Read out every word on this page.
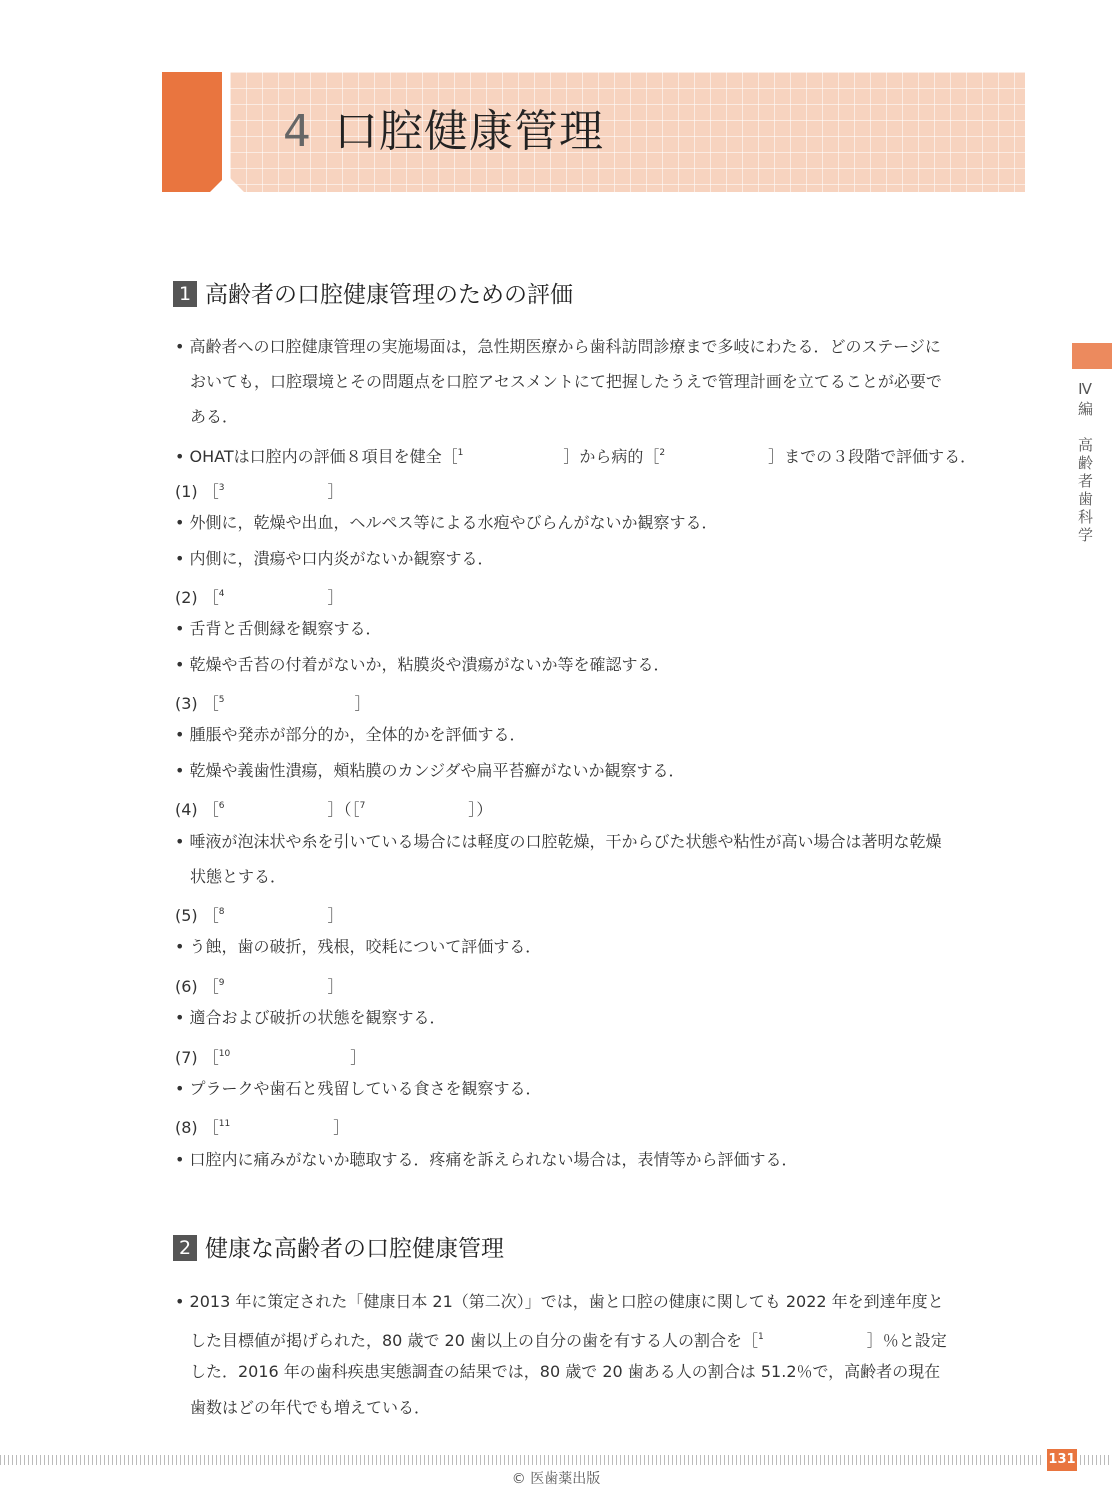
4 口腔健康管理
Ⅳ編高齢者歯科学
1 高齢者の口腔健康管理のための評価
• 高齢者への口腔健康管理の実施場面は，急性期医療から歯科訪問診療まで多岐にわたる．どのステージに
おいても，口腔環境とその問題点を口腔アセスメントにて把握したうえで管理計画を立てることが必要で
ある．
• OHATは口腔内の評価８項目を健全［$^1$	］から病的［$^2$	］までの３段階で評価する．
(1) ［$^3$	］
• 外側に，乾燥や出血，ヘルペス等による水疱やびらんがないか観察する．
• 内側に，潰瘍や口内炎がないか観察する．
(2) ［$^4$	］
• 舌背と舌側縁を観察する．
• 乾燥や舌苔の付着がないか，粘膜炎や潰瘍がないか等を確認する．
(3) ［$^5$	］
• 腫脹や発赤が部分的か，全体的かを評価する．
• 乾燥や義歯性潰瘍，頰粘膜のカンジダや扁平苔癬がないか観察する．
(4) ［$^6$	］（［$^7$	］）
• 唾液が泡沫状や糸を引いている場合には軽度の口腔乾燥，干からびた状態や粘性が高い場合は著明な乾燥
状態とする．
(5) ［$^8$	］
• う蝕，歯の破折，残根，咬耗について評価する．
(6) ［$^9$	］
• 適合および破折の状態を観察する．
(7) ［$^{10}$	］
• プラークや歯石と残留している食さを観察する．
(8) ［$^{11}$	］
• 口腔内に痛みがないか聴取する．疼痛を訴えられない場合は，表情等から評価する．
2 健康な高齢者の口腔健康管理
• 2013 年に策定された「健康日本 21（第二次）」では，歯と口腔の健康に関しても 2022 年を到達年度と
した目標値が掲げられた，80 歳で 20 歯以上の自分の歯を有する人の割合を［$^1$	］％と設定
した．2016 年の歯科疾患実態調査の結果では，80 歳で 20 歯ある人の割合は 51.2％で，高齢者の現在
歯数はどの年代でも増えている．
131
© 医歯薬出版
